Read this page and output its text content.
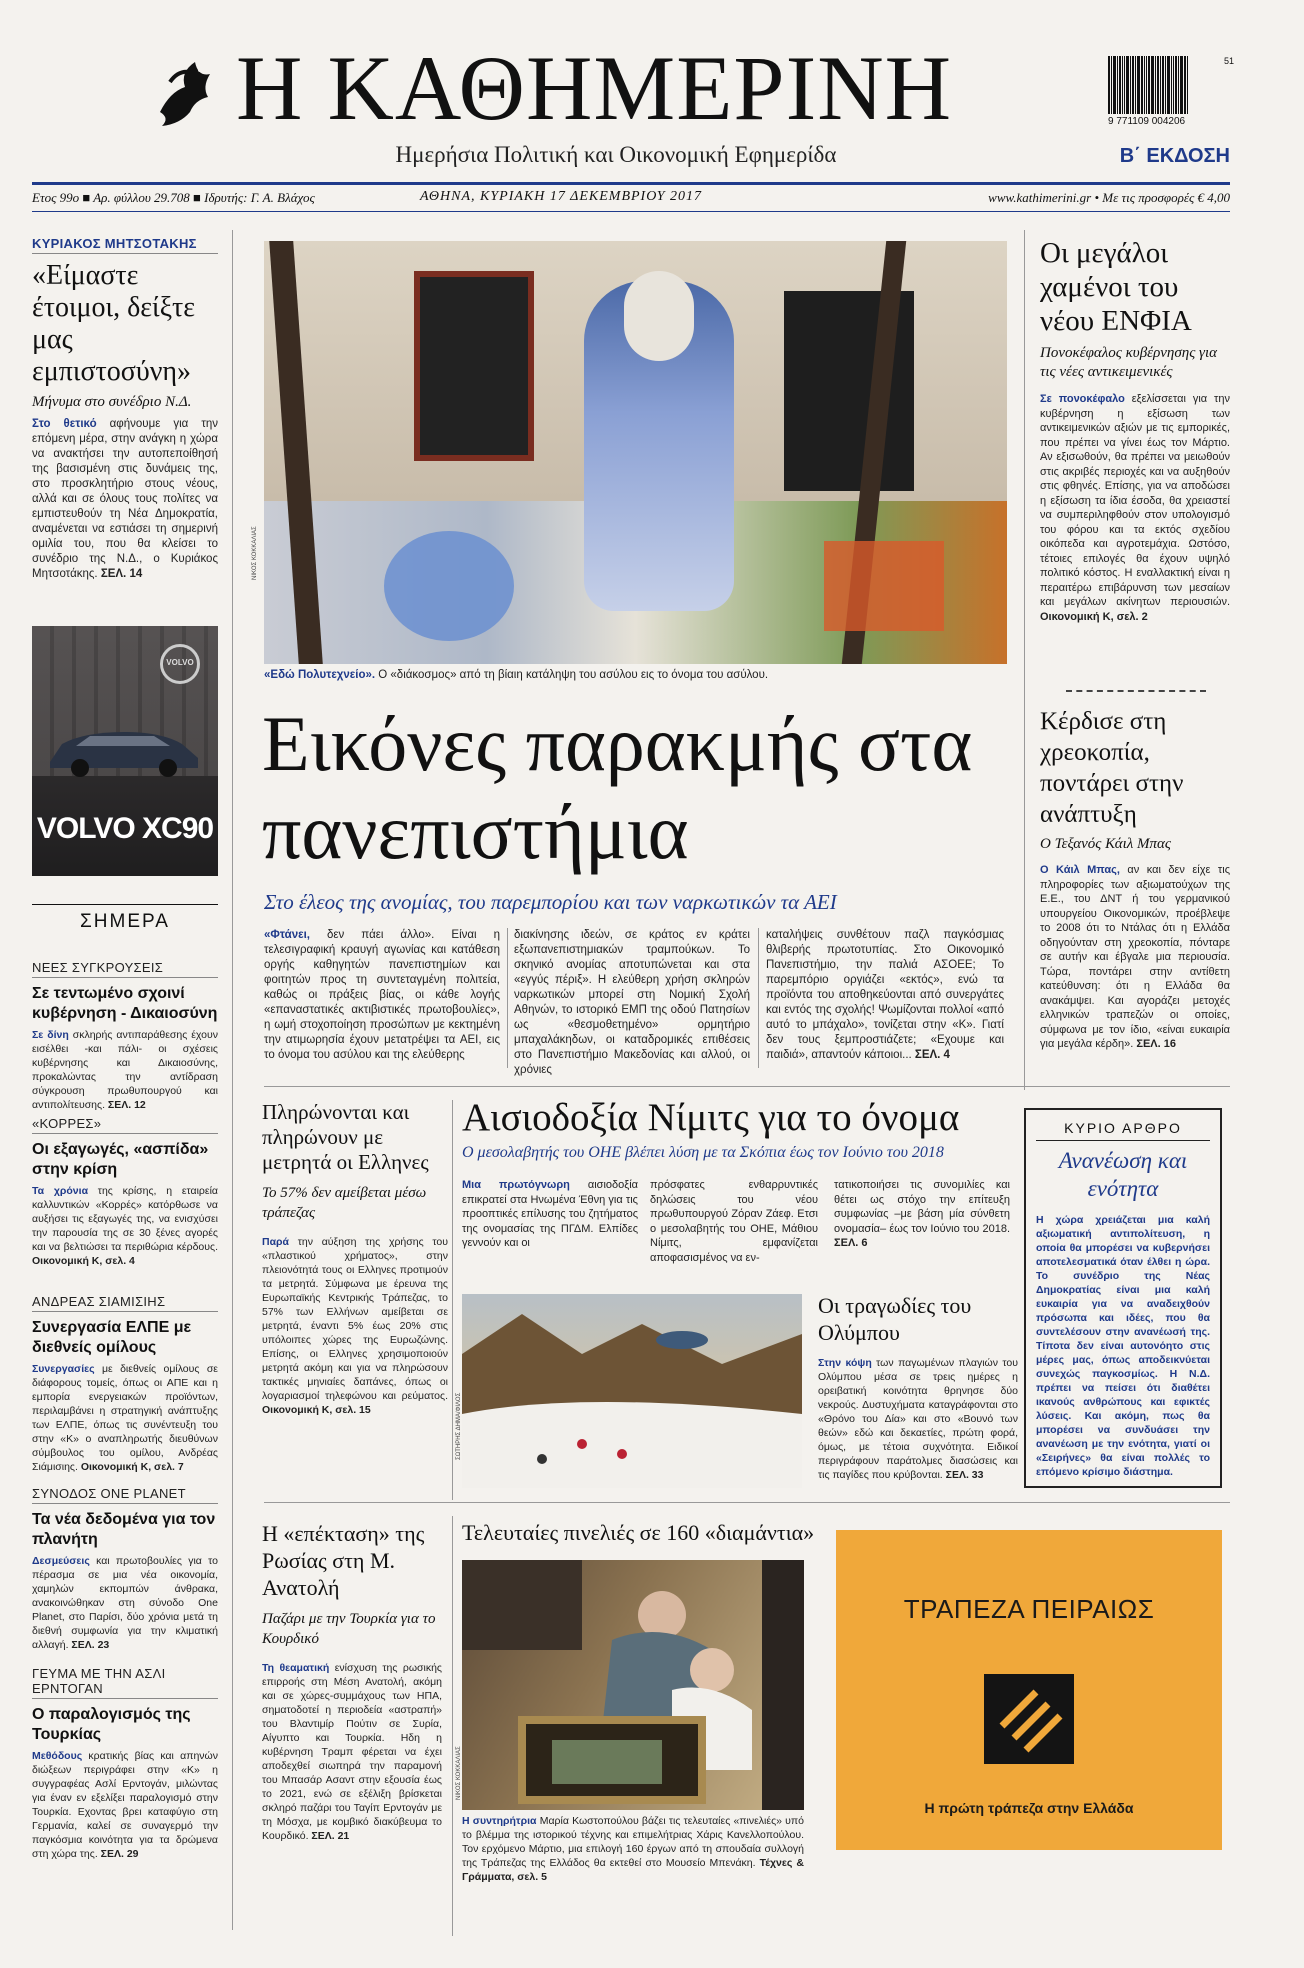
Η ΚΑΘΗΜΕΡΙΝΗ
Ημερήσια Πολιτική και Οικονομική Εφημερίδα
9 771109 004206
51
Β΄ ΕΚΔΟΣΗ
Ετος 99ο ■ Αρ. φύλλου 29.708 ■ Ιδρυτής: Γ. Α. Βλάχος	ΑΘΗΝΑ, ΚΥΡΙΑΚΗ 17 ΔΕΚΕΜΒΡΙΟΥ 2017	www.kathimerini.gr • Με τις προσφορές € 4,00
ΚΥΡΙΑΚΟΣ ΜΗΤΣΟΤΑΚΗΣ
«Είμαστε έτοιμοι, δείξτε μας εμπιστοσύνη»
Μήνυμα στο συνέδριο Ν.Δ.
Στο θετικό αφήνουμε για την επόμενη μέρα, στην ανάγκη η χώρα να ανακτήσει την αυτοπεποίθησή της βασισμένη στις δυνάμεις της, στο προσκλητήριο στους νέους, αλλά και σε όλους τους πολίτες να εμπιστευθούν τη Νέα Δημοκρατία, αναμένεται να εστιάσει τη σημερινή ομιλία του, που θα κλείσει το συνέδριο της Ν.Δ., ο Κυριάκος Μητσοτάκης. ΣΕΛ. 14
VOLVO
VOLVO XC90
ΣΗΜΕΡΑ
ΝΕΕΣ ΣΥΓΚΡΟΥΣΕΙΣ
Σε τεντωμένο σχοινί κυβέρνηση - Δικαιοσύνη
Σε δίνη σκληρής αντιπαράθεσης έχουν εισέλθει -και πάλι- οι σχέσεις κυβέρνησης και Δικαιοσύνης, προκαλώντας την αντίδραση σύγκρουση πρωθυπουργού και αντιπολίτευσης. ΣΕΛ. 12
«ΚΟΡΡΕΣ»
Οι εξαγωγές, «ασπίδα» στην κρίση
Τα χρόνια της κρίσης, η εταιρεία καλλυντικών «Κορρές» κατόρθωσε να αυξήσει τις εξαγωγές της, να ενισχύσει την παρουσία της σε 30 ξένες αγορές και να βελτιώσει τα περιθώρια κέρδους. Οικονομική Κ, σελ. 4
ΑΝΔΡΕΑΣ ΣΙΑΜΙΣΙΗΣ
Συνεργασία ΕΛΠΕ με διεθνείς ομίλους
Συνεργασίες με διεθνείς ομίλους σε διάφορους τομείς, όπως οι ΑΠΕ και η εμπορία ενεργειακών προϊόντων, περιλαμβάνει η στρατηγική ανάπτυξης των ΕΛΠΕ, όπως τις συνέντευξη του στην «Κ» ο αναπληρωτής διευθύνων σύμβουλος του ομίλου, Ανδρέας Σιάμισιης. Οικονομική Κ, σελ. 7
ΣΥΝΟΔΟΣ ONE PLANET
Τα νέα δεδομένα για τον πλανήτη
Δεσμεύσεις και πρωτοβουλίες για το πέρασμα σε μια νέα οικονομία, χαμηλών εκπομπών άνθρακα, ανακοινώθηκαν στη σύνοδο One Planet, στο Παρίσι, δύο χρόνια μετά τη διεθνή συμφωνία για την κλιματική αλλαγή. ΣΕΛ. 23
ΓΕΥΜΑ ΜΕ ΤΗΝ ΑΣΛΙ ΕΡΝΤΟΓΑΝ
Ο παραλογισμός της Τουρκίας
Μεθόδους κρατικής βίας και απηνών διώξεων περιγράφει στην «Κ» η συγγραφέας Ασλί Ερντογάν, μιλώντας για έναν εν εξελίξει παραλογισμό στην Τουρκία. Εχοντας βρει καταφύγιο στη Γερμανία, καλεί σε συναγερμό την παγκόσμια κοινότητα για τα δρώμενα στη χώρα της. ΣΕΛ. 29
ΝΙΚΟΣ ΚΟΚΚΑΛΙΑΣ
«Εδώ Πολυτεχνείο». Ο «διάκοσμος» από τη βίαιη κατάληψη του ασύλου εις το όνομα του ασύλου.
Εικόνες παρακμής στα πανεπιστήμια
Στο έλεος της ανομίας, του παρεμπορίου και των ναρκωτικών τα ΑΕΙ
«Φτάνει, δεν πάει άλλο». Είναι η τελεσιγραφική κραυγή αγωνίας και κατάθεση οργής καθηγητών πανεπιστημίων και φοιτητών προς τη συντεταγμένη πολιτεία, καθώς οι πράξεις βίας, οι κάθε λογής «επαναστατικές ακτιβιστικές πρωτοβουλίες», η ωμή στοχοποίηση προσώπων με κεκτημένη την ατιμωρησία έχουν μετατρέψει τα ΑΕΙ, εις το όνομα του ασύλου και της ελεύθερης
διακίνησης ιδεών, σε κράτος εν κράτει εξωπανεπιστημιακών τραμπούκων. Το σκηνικό ανομίας αποτυπώνεται και στα «εγγύς πέριξ». Η ελεύθερη χρήση σκληρών ναρκωτικών μπορεί στη Νομική Σχολή Αθηνών, το ιστορικό ΕΜΠ της οδού Πατησίων ως «θεσμοθετημένο» ορμητήριο μπαχαλάκηδων, οι καταδρομικές επιθέσεις στο Πανεπιστήμιο Μακεδονίας και αλλού, οι χρόνιες
καταλήψεις συνθέτουν παζλ παγκόσμιας θλιβερής πρωτοτυπίας. Στο Οικονομικό Πανεπιστήμιο, την παλιά ΑΣΟΕΕ; Το παρεμπόριο οργιάζει «εκτός», ενώ τα προϊόντα του αποθηκεύονται από συνεργάτες και εντός της σχολής! Ψωμίζονται πολλοί «από αυτό το μπάχαλο», τονίζεται στην «Κ». Γιατί δεν τους ξεμπροστιάζετε; «Εχουμε και παιδιά», απαντούν κάποιοι... ΣΕΛ. 4
Οι μεγάλοι χαμένοι του νέου ΕΝΦΙΑ
Πονοκέφαλος κυβέρνησης για τις νέες αντικειμενικές
Σε πονοκέφαλο εξελίσσεται για την κυβέρνηση η εξίσωση των αντικειμενικών αξιών με τις εμπορικές, που πρέπει να γίνει έως τον Μάρτιο. Αν εξισωθούν, θα πρέπει να μειωθούν στις ακριβές περιοχές και να αυξηθούν στις φθηνές. Επίσης, για να αποδώσει η εξίσωση τα ίδια έσοδα, θα χρειαστεί να συμπεριληφθούν στον υπολογισμό του φόρου και τα εκτός σχεδίου οικόπεδα και αγροτεμάχια. Ωστόσο, τέτοιες επιλογές θα έχουν υψηλό πολιτικό κόστος. Η εναλλακτική είναι η περαιτέρω επιβάρυνση των μεσαίων και μεγάλων ακίνητων περιουσιών. Οικονομική Κ, σελ. 2
Κέρδισε στη χρεοκοπία, ποντάρει στην ανάπτυξη
Ο Τεξανός Κάιλ Μπας
Ο Κάιλ Μπας, αν και δεν είχε τις πληροφορίες των αξιωματούχων της Ε.Ε., του ΔΝΤ ή του γερμανικού υπουργείου Οικονομικών, προέβλεψε το 2008 ότι το Ντάλας ότι η Ελλάδα οδηγούνταν στη χρεοκοπία, πόνταρε σε αυτήν και έβγαλε μια περιουσία. Τώρα, ποντάρει στην αντίθετη κατεύθυνση: ότι η Ελλάδα θα ανακάμψει. Και αγοράζει μετοχές ελληνικών τραπεζών οι οποίες, σύμφωνα με τον ίδιο, «είναι ευκαιρία για μεγάλα κέρδη». ΣΕΛ. 16
Πληρώνονται και πληρώνουν με μετρητά οι Ελληνες
Το 57% δεν αμείβεται μέσω τράπεζας
Παρά την αύξηση της χρήσης του «πλαστικού χρήματος», στην πλειονότητά τους οι Ελληνες προτιμούν τα μετρητά. Σύμφωνα με έρευνα της Ευρωπαϊκής Κεντρικής Τράπεζας, το 57% των Ελλήνων αμείβεται σε μετρητά, έναντι 5% έως 20% στις υπόλοιπες χώρες της Ευρωζώνης. Επίσης, οι Ελληνες χρησιμοποιούν μετρητά ακόμη και για να πληρώσουν τακτικές μηνιαίες δαπάνες, όπως οι λογαριασμοί τηλεφώνου και ρεύματος. Οικονομική Κ, σελ. 15
Αισιοδοξία Νίμιτς για το όνομα
Ο μεσολαβητής του ΟΗΕ βλέπει λύση με τα Σκόπια έως τον Ιούνιο του 2018
Μια πρωτόγνωρη αισιοδοξία επικρατεί στα Ηνωμένα Έθνη για τις προοπτικές επίλυσης του ζητήματος της ονομασίας της ΠΓΔΜ. Ελπίδες γεννούν και οι
πρόσφατες ενθαρρυντικές δηλώσεις του νέου πρωθυπουργού Ζόραν Ζάεφ. Ετσι ο μεσολαβητής του ΟΗΕ, Μάθιου Νίμιτς, εμφανίζεται αποφασισμένος να εν-
τατικοποιήσει τις συνομιλίες και θέτει ως στόχο την επίτευξη συμφωνίας –με βάση μία σύνθετη ονομασία– έως τον Ιούνιο του 2018. ΣΕΛ. 6
ΣΩΤΗΡΗΣ ΔΗΜΑ/ΦΙΛΟΣ
Οι τραγωδίες του Ολύμπου
Στην κόψη των παγωμένων πλαγιών του Ολύμπου μέσα σε τρεις ημέρες η ορειβατική κοινότητα θρηνησε δύο νεκρούς. Δυστυχήματα καταγράφονται στο «Θρόνο του Δία» και στο «Βουνό των θεών» εδώ και δεκαετίες, πρώτη φορά, όμως, με τέτοια συχνότητα. Ειδικοί περιγράφουν παράτολμες διασώσεις και τις παγίδες που κρύβονται. ΣΕΛ. 33
ΚΥΡΙΟ ΑΡΘΡΟ
Ανανέωση και ενότητα
Η χώρα χρειάζεται μια καλή αξιωματική αντιπολίτευση, η οποία θα μπορέσει να κυβερνήσει αποτελεσματικά όταν έλθει η ώρα. Το συνέδριο της Νέας Δημοκρατίας είναι μια καλή ευκαιρία για να αναδειχθούν πρόσωπα και ιδέες, που θα συντελέσουν στην ανανέωσή της. Τίποτα δεν είναι αυτονόητο στις μέρες μας, όπως αποδεικνύεται συνεχώς παγκοσμίως. Η Ν.Δ. πρέπει να πείσει ότι διαθέτει ικανούς ανθρώπους και εφικτές λύσεις. Και ακόμη, πως θα μπορέσει να συνδυάσει την ανανέωση με την ενότητα, γιατί οι «Σειρήνες» θα είναι πολλές το επόμενο κρίσιμο διάστημα.
Η «επέκταση» της Ρωσίας στη Μ. Ανατολή
Παζάρι με την Τουρκία για το Κουρδικό
Τη θεαματική ενίσχυση της ρωσικής επιρροής στη Μέση Ανατολή, ακόμη και σε χώρες-συμμάχους των ΗΠΑ, σηματοδοτεί η περιοδεία «αστραπή» του Βλαντιμίρ Πούτιν σε Συρία, Αίγυπτο και Τουρκία. Ηδη η κυβέρνηση Τραμπ φέρεται να έχει αποδεχθεί σιωπηρά την παραμονή του Μπασάρ Ασαντ στην εξουσία έως το 2021, ενώ σε εξέλιξη βρίσκεται σκληρό παζάρι του Ταγίπ Ερντογάν με τη Μόσχα, με κομβικό διακύβευμα το Κουρδικό. ΣΕΛ. 21
Τελευταίες πινελιές σε 160 «διαμάντια»
ΝΙΚΟΣ ΚΟΚΚΑΛΙΑΣ
Η συντηρήτρια Μαρία Κωστοπούλου βάζει τις τελευταίες «πινελιές» υπό το βλέμμα της ιστορικού τέχνης και επιμελήτριας Χάρις Κανελλοπούλου. Τον ερχόμενο Μάρτιο, μια επιλογή 160 έργων από τη σπουδαία συλλογή της Τράπεζας της Ελλάδος θα εκτεθεί στο Μουσείο Μπενάκη. Τέχνες & Γράμματα, σελ. 5
ΤΡΑΠΕΖΑ ΠΕΙΡΑΙΩΣ
Η πρώτη τράπεζα στην Ελλάδα
